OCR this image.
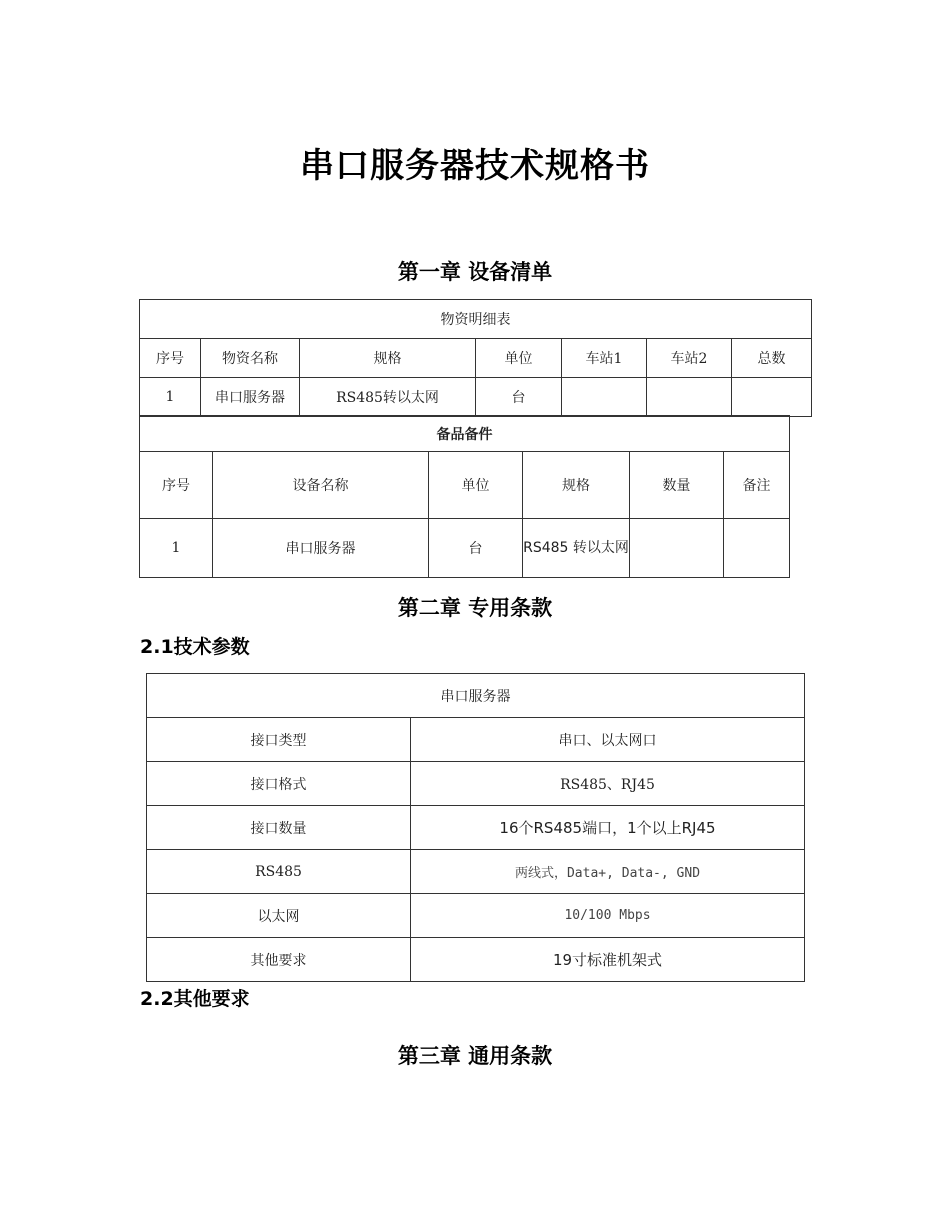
串口服务器技术规格书
第一章 设备清单
物资明细表						
序号	物资名称	规格	单位	车站1	车站2	总数
1	串口服务器	RS485转以太网	台			
备品备件					
序号	设备名称	单位	规格	数量	备注
1	串口服务器	台	RS485 转以太网		
第二章 专用条款
2.1技术参数
串口服务器	
接口类型	串口、以太网口
接口格式	RS485、RJ45
接口数量	16个RS485端口，1个以上RJ45
RS485	两线式，Data+, Data-, GND
以太网	10/100 Mbps
其他要求	19寸标准机架式
2.2其他要求
第三章 通用条款
